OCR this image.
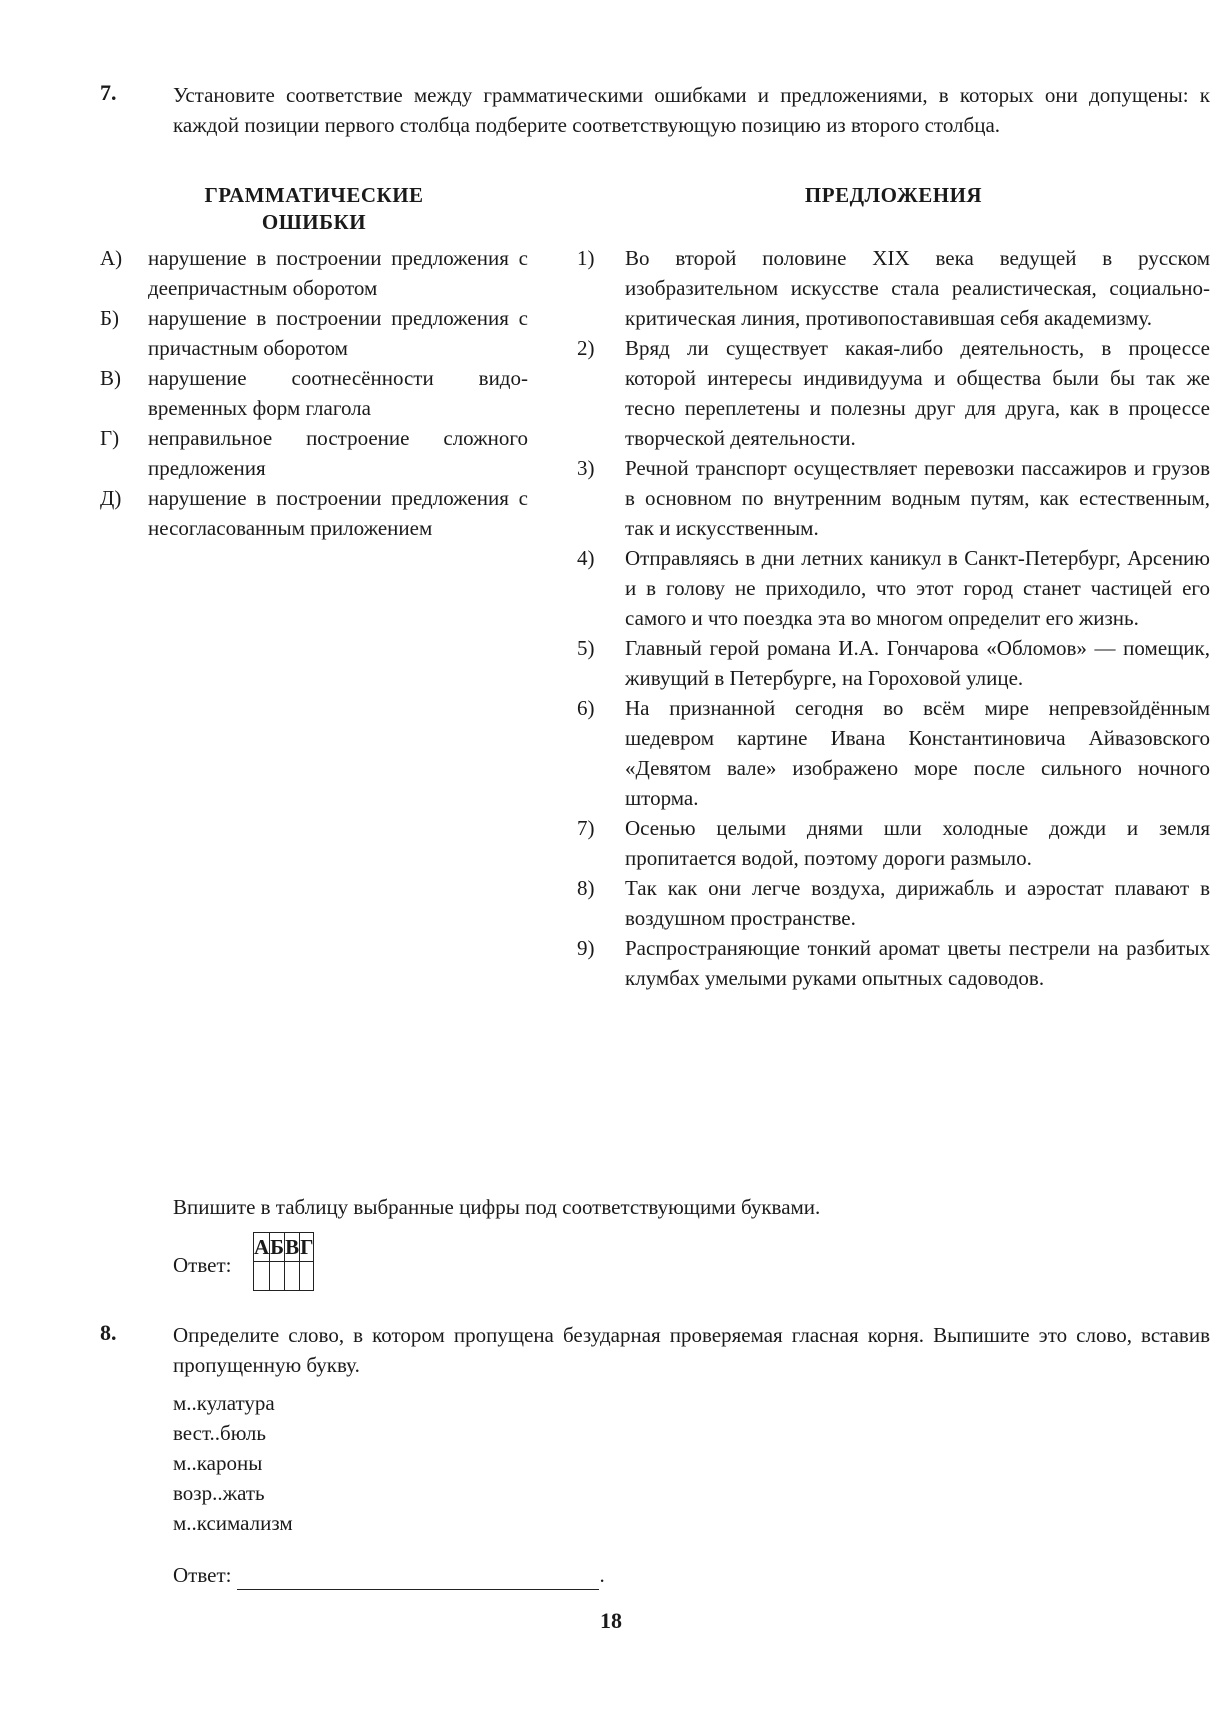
7.	Установите соответствие между грамматическими ошибками и предложениями, в которых они допущены: к каждой позиции первого столбца подберите соответствующую позицию из второго столбца.
ГРАММАТИЧЕСКИЕ
ОШИБКИ
А)	нарушение в построении предложения с деепричастным оборотом
Б)	нарушение в построении предложения с причастным оборотом
В)	нарушение соотнесённости видо-временных форм глагола
Г)	неправильное построение сложного предложения
Д)	нарушение в построении предложения с несогласованным приложением
ПРЕДЛОЖЕНИЯ
1)	Во второй половине XIX века ведущей в русском изобразительном искусстве стала реалистическая, социально-критическая линия, противопоставившая себя академизму.
2)	Вряд ли существует какая-либо деятельность, в процессе которой интересы индивидуума и общества были бы так же тесно переплетены и полезны друг для друга, как в процессе творческой деятельности.
3)	Речной транспорт осуществляет перевозки пассажиров и грузов в основном по внутренним водным путям, как естественным, так и искусственным.
4)	Отправляясь в дни летних каникул в Санкт-Петербург, Арсению и в голову не приходило, что этот город станет частицей его самого и что поездка эта во многом определит его жизнь.
5)	Главный герой романа И.А. Гончарова «Обломов» — помещик, живущий в Петербурге, на Гороховой улице.
6)	На признанной сегодня во всём мире непревзойдённым шедевром картине Ивана Константиновича Айвазовского «Девятом вале» изображено море после сильного ночного шторма.
7)	Осенью целыми днями шли холодные дожди и земля пропитается водой, поэтому дороги размыло.
8)	Так как они легче воздуха, дирижабль и аэростат плавают в воздушном пространстве.
9)	Распространяющие тонкий аромат цветы пестрели на разбитых клумбах умелыми руками опытных садоводов.
Впишите в таблицу выбранные цифры под соответствующими буквами.
Ответ:
А	Б	В	Г

8.	Определите слово, в котором пропущена безударная проверяемая гласная корня. Выпишите это слово, вставив пропущенную букву.
м..кулатура
вест..бюль
м..кароны
возр..жать
м..ксимализм
Ответ:	.
18
